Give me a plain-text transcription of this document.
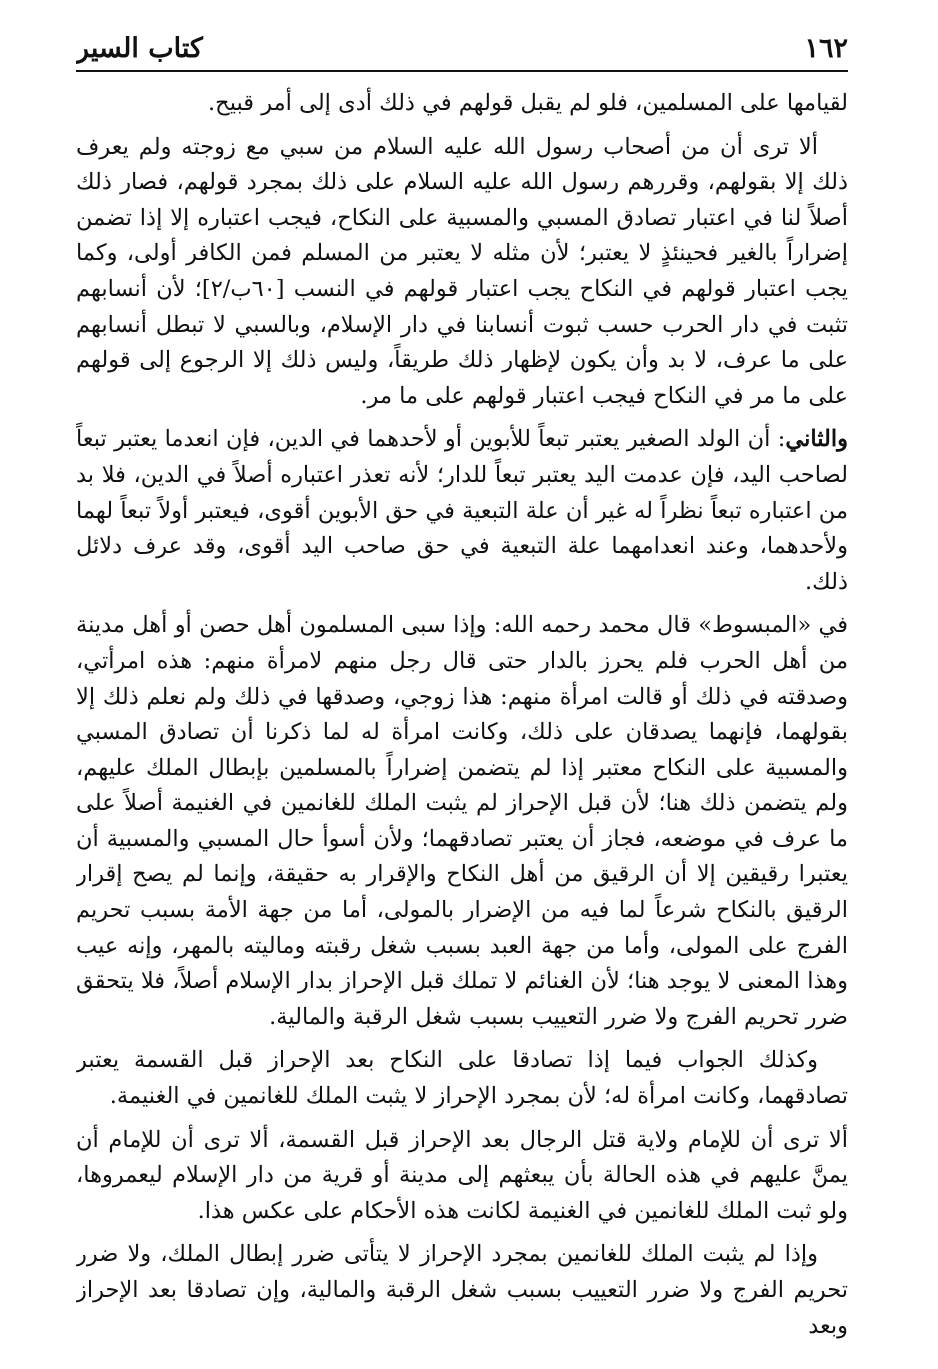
١٦٢
كتاب السير

لقيامها على المسلمين، فلو لم يقبل قولهم في ذلك أدى إلى أمر قبيح.

ألا ترى أن من أصحاب رسول الله عليه السلام من سبي مع زوجته ولم يعرف ذلك إلا بقولهم، وقررهم رسول الله عليه السلام على ذلك بمجرد قولهم، فصار ذلك أصلاً لنا في اعتبار تصادق المسبي والمسبية على النكاح، فيجب اعتباره إلا إذا تضمن إضراراً بالغير فحينئذٍ لا يعتبر؛ لأن مثله لا يعتبر من المسلم فمن الكافر أولى، وكما يجب اعتبار قولهم في النكاح يجب اعتبار قولهم في النسب [٦٠ب/٢]؛ لأن أنسابهم تثبت في دار الحرب حسب ثبوت أنسابنا في دار الإسلام، وبالسبي لا تبطل أنسابهم على ما عرف، لا بد وأن يكون لإظهار ذلك طريقاً، وليس ذلك إلا الرجوع إلى قولهم على ما مر في النكاح فيجب اعتبار قولهم على ما مر.

والثاني: أن الولد الصغير يعتبر تبعاً للأبوين أو لأحدهما في الدين، فإن انعدما يعتبر تبعاً لصاحب اليد، فإن عدمت اليد يعتبر تبعاً للدار؛ لأنه تعذر اعتباره أصلاً في الدين، فلا بد من اعتباره تبعاً نظراً له غير أن علة التبعية في حق الأبوين أقوى، فيعتبر أولاً تبعاً لهما ولأحدهما، وعند انعدامهما علة التبعية في حق صاحب اليد أقوى، وقد عرف دلائل ذلك.

في «المبسوط» قال محمد رحمه الله: وإذا سبى المسلمون أهل حصن أو أهل مدينة من أهل الحرب فلم يحرز بالدار حتى قال رجل منهم لامرأة منهم: هذه امرأتي، وصدقته في ذلك أو قالت امرأة منهم: هذا زوجي، وصدقها في ذلك ولم نعلم ذلك إلا بقولهما، فإنهما يصدقان على ذلك، وكانت امرأة له لما ذكرنا أن تصادق المسبي والمسبية على النكاح معتبر إذا لم يتضمن إضراراً بالمسلمين بإبطال الملك عليهم، ولم يتضمن ذلك هنا؛ لأن قبل الإحراز لم يثبت الملك للغانمين في الغنيمة أصلاً على ما عرف في موضعه، فجاز أن يعتبر تصادقهما؛ ولأن أسوأ حال المسبي والمسبية أن يعتبرا رقيقين إلا أن الرقيق من أهل النكاح والإقرار به حقيقة، وإنما لم يصح إقرار الرقيق بالنكاح شرعاً لما فيه من الإضرار بالمولى، أما من جهة الأمة بسبب تحريم الفرج على المولى، وأما من جهة العبد بسبب شغل رقبته وماليته بالمهر، وإنه عيب وهذا المعنى لا يوجد هنا؛ لأن الغنائم لا تملك قبل الإحراز بدار الإسلام أصلاً، فلا يتحقق ضرر تحريم الفرج ولا ضرر التعييب بسبب شغل الرقبة والمالية.

وكذلك الجواب فيما إذا تصادقا على النكاح بعد الإحراز قبل القسمة يعتبر تصادقهما، وكانت امرأة له؛ لأن بمجرد الإحراز لا يثبت الملك للغانمين في الغنيمة.

ألا ترى أن للإمام ولاية قتل الرجال بعد الإحراز قبل القسمة، ألا ترى أن للإمام أن يمنَّ عليهم في هذه الحالة بأن يبعثهم إلى مدينة أو قرية من دار الإسلام ليعمروها، ولو ثبت الملك للغانمين في الغنيمة لكانت هذه الأحكام على عكس هذا.

وإذا لم يثبت الملك للغانمين بمجرد الإحراز لا يتأتى ضرر إبطال الملك، ولا ضرر تحريم الفرج ولا ضرر التعييب بسبب شغل الرقبة والمالية، وإن تصادقا بعد الإحراز وبعد
